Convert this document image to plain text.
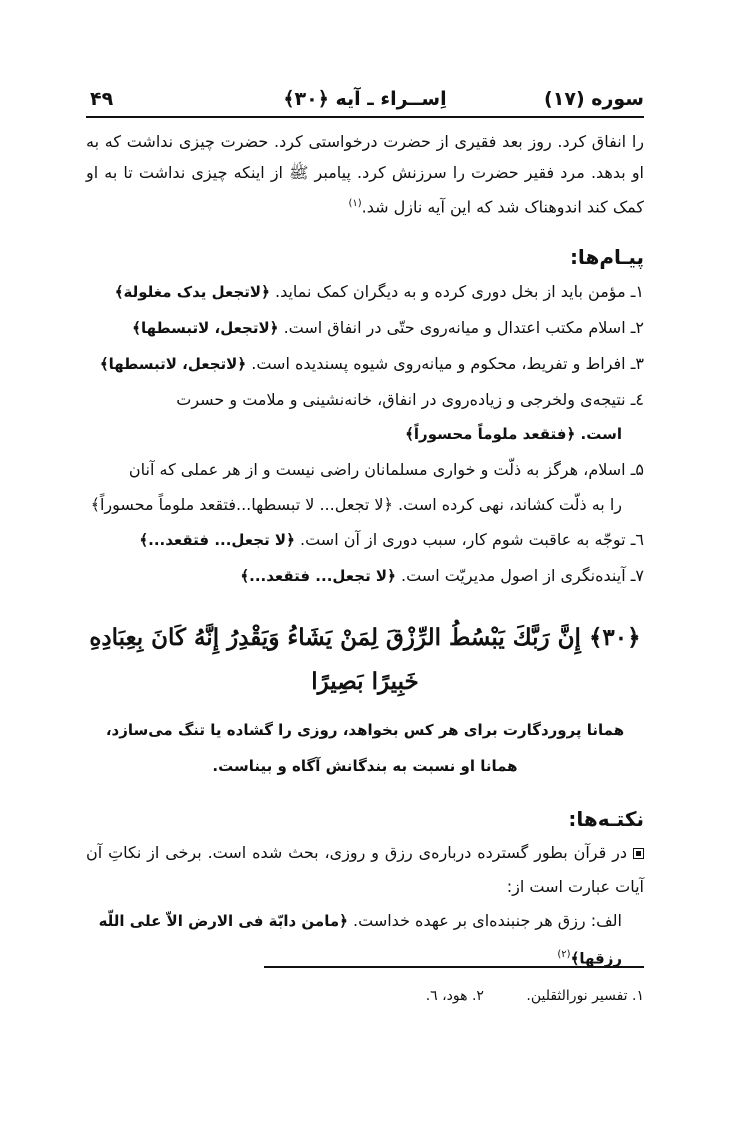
سوره (۱۷)
اِســراء ـ آیه ﴿۳۰﴾
۴۹

را انفاق کرد. روز بعد فقیری از حضرت درخواستی کرد. حضرت چیزی نداشت که به او بدهد. مرد فقیر حضرت را سرزنش کرد. پیامبر ﷺ از اینکه چیزی نداشت تا به او کمک کند اندوهناک شد که این آیه نازل شد.$^{(۱)}$

پیـام‌ها:

۱ـ مؤمن باید از بخل دوری کرده و به دیگران کمک نماید. ﴿لاتجعل یدک مغلولة﴾

۲ـ اسلام مکتب اعتدال و میانه‌روی حتّی در انفاق است. ﴿لاتجعل، لاتبسطها﴾

۳ـ افراط و تفریط، محکوم و میانه‌روی شیوه پسندیده است. ﴿لاتجعل، لاتبسطها﴾

٤ـ نتیجه‌ی ولخرجی و زیاده‌روی در انفاق، خانه‌نشینی و ملامت و حسرت
است. ﴿فتقعد ملوماً محسوراً﴾

۵ـ اسلام، هرگز به ذلّت و خواری مسلمانان راضی نیست و از هر عملی که آنان
را به ذلّت کشاند، نهی کرده است. ﴿لا تجعل... لا تبسطها...فتقعد ملوماً محسوراً﴾

٦ـ توجّه به عاقبت شوم کار، سبب دوری از آن است. ﴿لا تجعل... فتقعد...﴾

٧ـ آینده‌نگری از اصول مدیریّت است. ﴿لا تجعل... فتقعد...﴾

﴿۳۰﴾ إِنَّ رَبَّكَ يَبْسُطُ الرِّزْقَ لِمَنْ يَشَاءُ وَيَقْدِرُ إِنَّهُ كَانَ بِعِبَادِهِ
خَبِيرًا بَصِيرًا
همانا پروردگارت برای هر کس بخواهد، روزی را گشاده یا تنگ می‌سازد،
همانا او نسبت به بندگانش آگاه و بیناست.
نکتـه‌ها:

در قرآن بطور گسترده درباره‌ی رزق و روزی، بحث شده است. برخی از نکاتِ آن آیات عبارت است از:

الف: رزق هر جنبنده‌ای بر عهده خداست. ﴿مامن دابّة فی الارض الاّ علی اللّه رزقها﴾$^{(۲)}$

۱. تفسیر نورالثقلین. ۲. هود، ٦.
